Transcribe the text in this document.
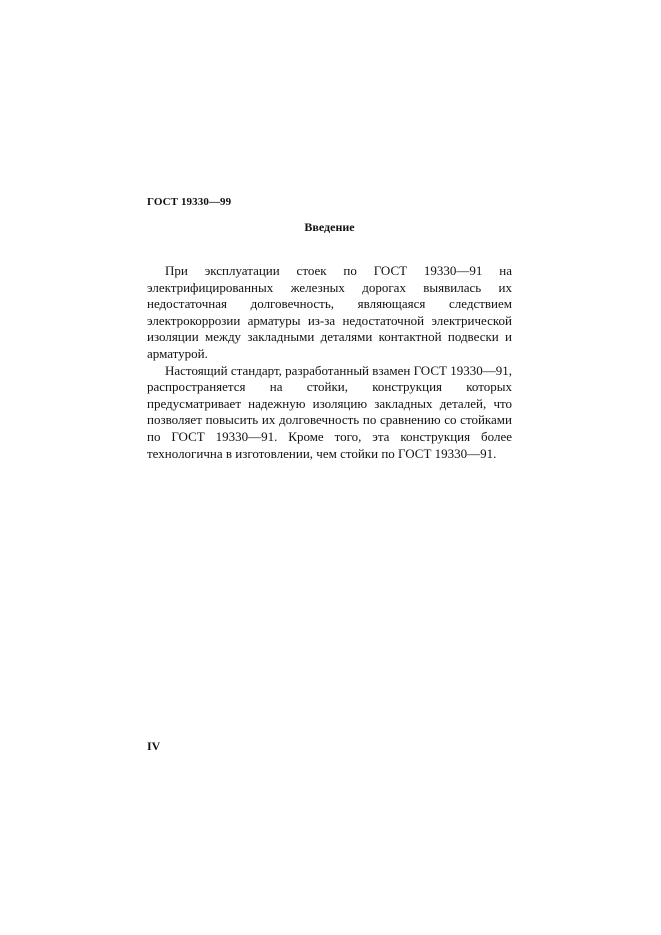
ГОСТ 19330—99
Введение

При эксплуатации стоек по ГОСТ 19330—91 на электрифицированных железных дорогах выявилась их недостаточная долговечность, являющаяся следствием электрокоррозии арматуры из-за недостаточной электрической изоляции между закладными деталями контактной подвески и арматурой.

Настоящий стандарт, разработанный взамен ГОСТ 19330—91, распространяется на стойки, конструкция которых предусматривает надежную изоляцию закладных деталей, что позволяет повысить их долговечность по сравнению со стойками по ГОСТ 19330—91. Кроме того, эта конструкция более технологична в изготовлении, чем стойки по ГОСТ 19330—91.

IV
